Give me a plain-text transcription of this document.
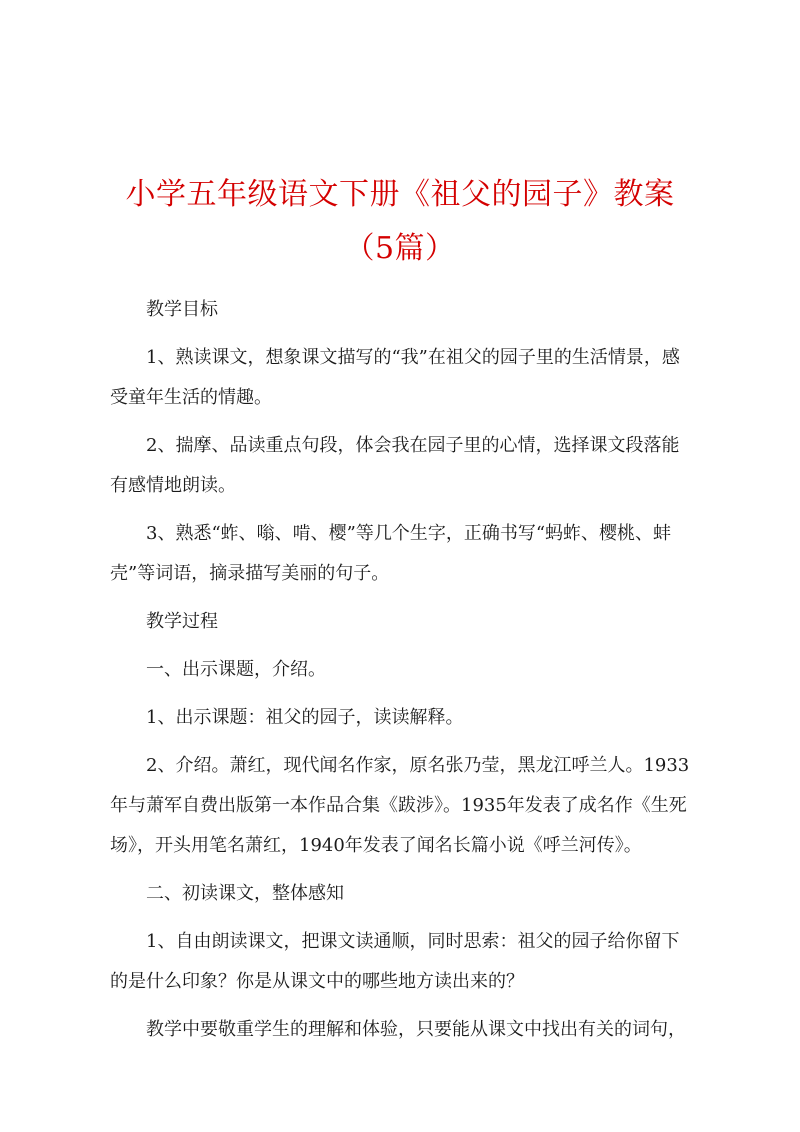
小学五年级语文下册《祖父的园子》教案（5篇）

教学目标

1、熟读课文，想象课文描写的“我”在祖父的园子里的生活情景，感受童年生活的情趣。

2、揣摩、品读重点句段，体会我在园子里的心情，选择课文段落能有感情地朗读。

3、熟悉“蚱、嗡、啃、樱”等几个生字，正确书写“蚂蚱、樱桃、蚌壳”等词语，摘录描写美丽的句子。

教学过程

一、出示课题，介绍。

1、出示课题：祖父的园子，读读解释。

2、介绍。萧红，现代闻名作家，原名张乃莹，黑龙江呼兰人。1933年与萧军自费出版第一本作品合集《跋涉》。1935年发表了成名作《生死场》，开头用笔名萧红，1940年发表了闻名长篇小说《呼兰河传》。

二、初读课文，整体感知

1、自由朗读课文，把课文读通顺，同时思索：祖父的园子给你留下的是什么印象？你是从课文中的哪些地方读出来的？

教学中要敬重学生的理解和体验，只要能从课文中找出有关的词句，
